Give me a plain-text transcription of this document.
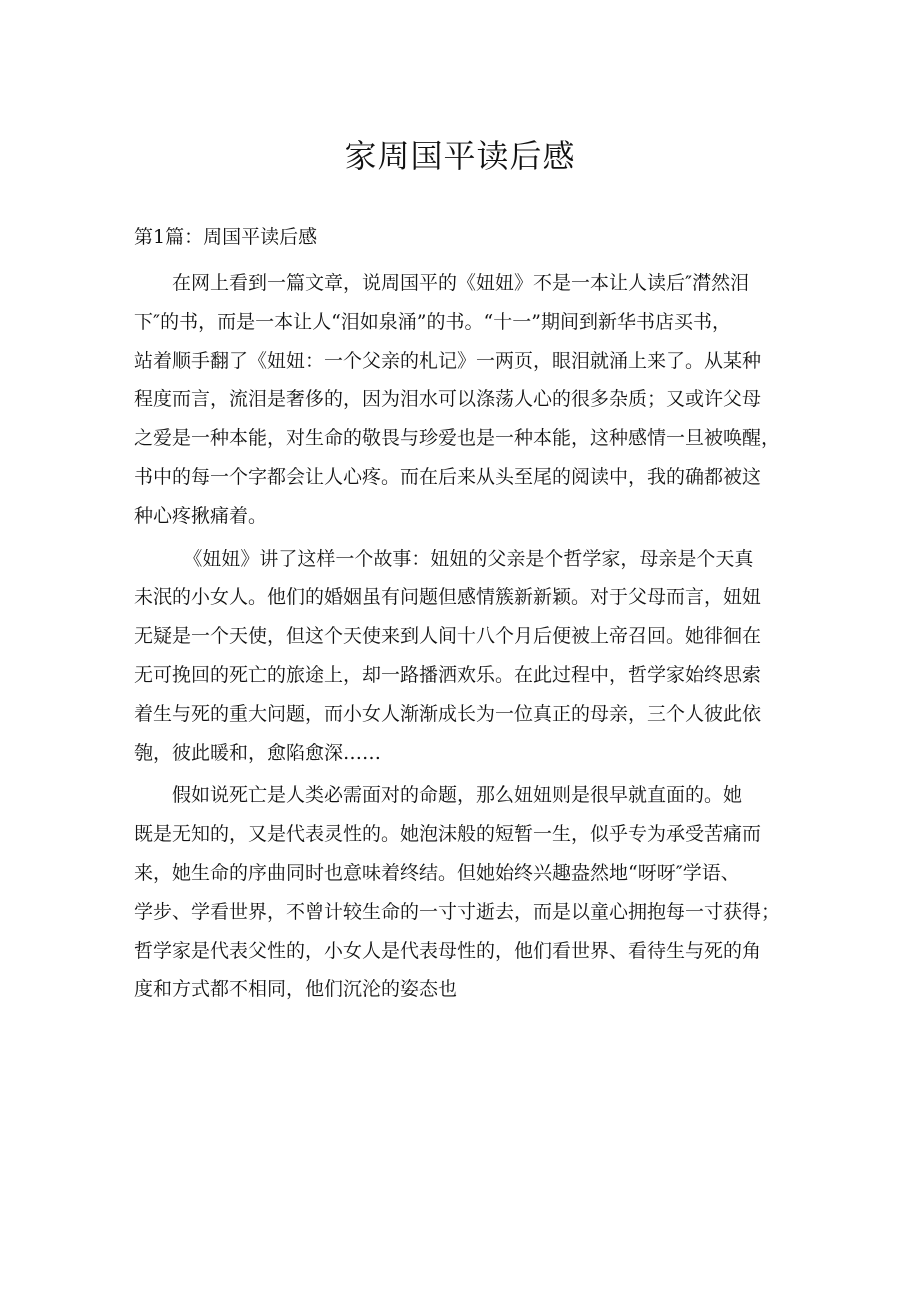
家周国平读后感
第1篇：周国平读后感

在网上看到一篇文章，说周国平的《妞妞》不是一本让人读后″潸然泪
下″的书，而是一本让人“泪如泉涌”的书。“十一”期间到新华书店买书，
站着顺手翻了《妞妞：一个父亲的札记》一两页，眼泪就涌上来了。从某种
程度而言，流泪是奢侈的，因为泪水可以涤荡人心的很多杂质；又或许父母
之爱是一种本能，对生命的敬畏与珍爱也是一种本能，这种感情一旦被唤醒，
书中的每一个字都会让人心疼。而在后来从头至尾的阅读中，我的确都被这
种心疼揪痛着。

《妞妞》讲了这样一个故事：妞妞的父亲是个哲学家，母亲是个天真
未泯的小女人。他们的婚姻虽有问题但感情簇新新颖。对于父母而言，妞妞
无疑是一个天使，但这个天使来到人间十八个月后便被上帝召回。她徘徊在
无可挽回的死亡的旅途上，却一路播洒欢乐。在此过程中，哲学家始终思索
着生与死的重大问题，而小女人渐渐成长为一位真正的母亲，三个人彼此依
匏，彼此暖和，愈陷愈深……

假如说死亡是人类必需面对的命题，那么妞妞则是很早就直面的。她
既是无知的，又是代表灵性的。她泡沫般的短暂一生，似乎专为承受苦痛而
来，她生命的序曲同时也意味着终结。但她始终兴趣盎然地“呀呀″学语、
学步、学看世界，不曾计较生命的一寸寸逝去，而是以童心拥抱每一寸获得；
哲学家是代表父性的，小女人是代表母性的，他们看世界、看待生与死的角
度和方式都不相同，他们沉沦的姿态也
